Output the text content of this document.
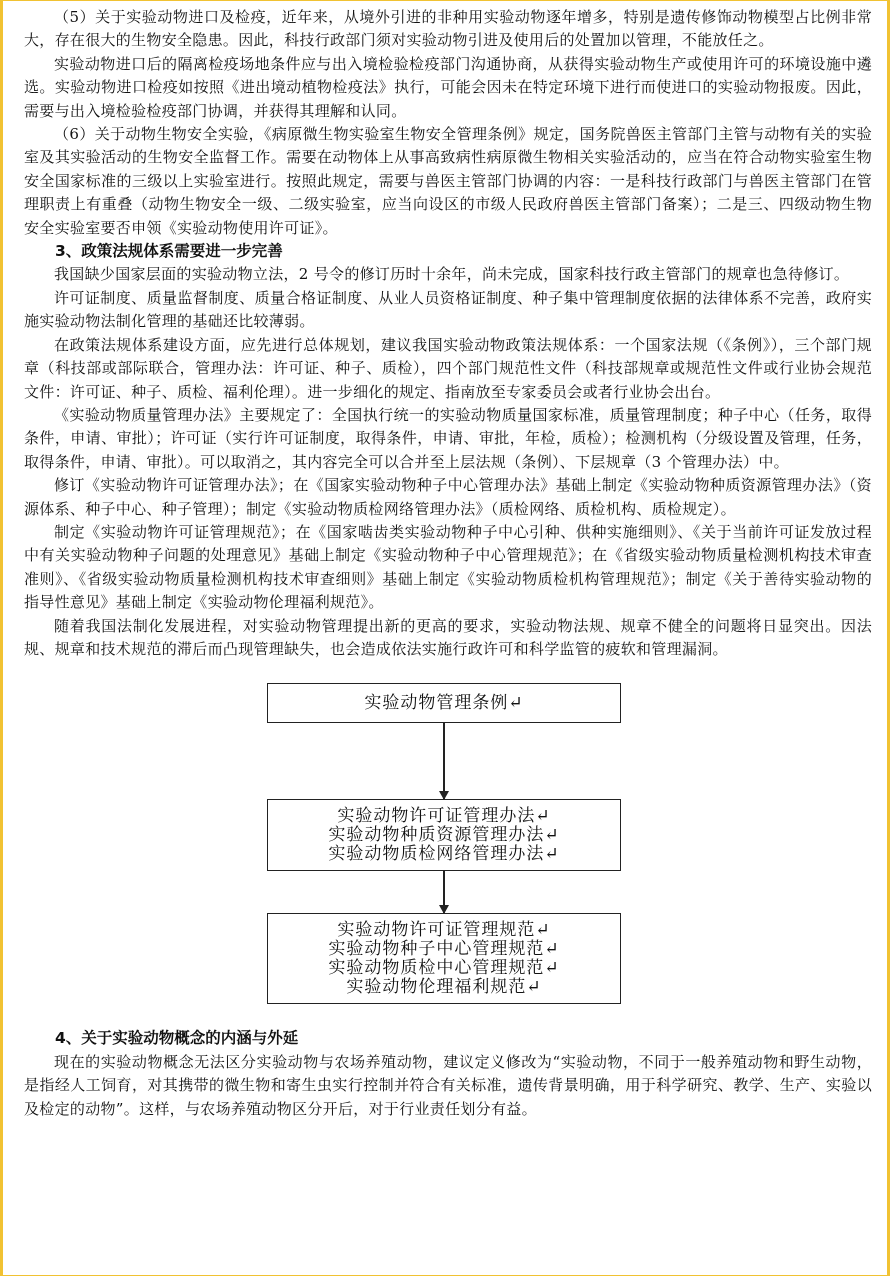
（5）关于实验动物进口及检疫，近年来，从境外引进的非种用实验动物逐年增多，特别是遗传修饰动物模型占比例非常大，存在很大的生物安全隐患。因此，科技行政部门须对实验动物引进及使用后的处置加以管理，不能放任之。

实验动物进口后的隔离检疫场地条件应与出入境检验检疫部门沟通协商，从获得实验动物生产或使用许可的环境设施中遴选。实验动物进口检疫如按照《进出境动植物检疫法》执行，可能会因未在特定环境下进行而使进口的实验动物报废。因此，需要与出入境检验检疫部门协调，并获得其理解和认同。

（6）关于动物生物安全实验，《病原微生物实验室生物安全管理条例》规定，国务院兽医主管部门主管与动物有关的实验室及其实验活动的生物安全监督工作。需要在动物体上从事高致病性病原微生物相关实验活动的，应当在符合动物实验室生物安全国家标准的三级以上实验室进行。按照此规定，需要与兽医主管部门协调的内容：一是科技行政部门与兽医主管部门在管理职责上有重叠（动物生物安全一级、二级实验室，应当向设区的市级人民政府兽医主管部门备案）；二是三、四级动物生物安全实验室要否申领《实验动物使用许可证》。

3、政策法规体系需要进一步完善

我国缺少国家层面的实验动物立法，2 号令的修订历时十余年，尚未完成，国家科技行政主管部门的规章也急待修订。

许可证制度、质量监督制度、质量合格证制度、从业人员资格证制度、种子集中管理制度依据的法律体系不完善，政府实施实验动物法制化管理的基础还比较薄弱。

在政策法规体系建设方面，应先进行总体规划，建议我国实验动物政策法规体系：一个国家法规（《条例》），三个部门规章（科技部或部际联合，管理办法：许可证、种子、质检），四个部门规范性文件（科技部规章或规范性文件或行业协会规范文件：许可证、种子、质检、福利伦理）。进一步细化的规定、指南放至专家委员会或者行业协会出台。

《实验动物质量管理办法》主要规定了：全国执行统一的实验动物质量国家标准，质量管理制度；种子中心（任务，取得条件，申请、审批）；许可证（实行许可证制度，取得条件，申请、审批，年检，质检）；检测机构（分级设置及管理，任务，取得条件，申请、审批）。可以取消之，其内容完全可以合并至上层法规（条例）、下层规章（3 个管理办法）中。

修订《实验动物许可证管理办法》；在《国家实验动物种子中心管理办法》基础上制定《实验动物种质资源管理办法》（资源体系、种子中心、种子管理）；制定《实验动物质检网络管理办法》（质检网络、质检机构、质检规定）。

制定《实验动物许可证管理规范》；在《国家啮齿类实验动物种子中心引种、供种实施细则》、《关于当前许可证发放过程中有关实验动物种子问题的处理意见》基础上制定《实验动物种子中心管理规范》；在《省级实验动物质量检测机构技术审查准则》、《省级实验动物质量检测机构技术审查细则》基础上制定《实验动物质检机构管理规范》；制定《关于善待实验动物的指导性意见》基础上制定《实验动物伦理福利规范》。

随着我国法制化发展进程，对实验动物管理提出新的更高的要求，实验动物法规、规章不健全的问题将日显突出。因法规、规章和技术规范的滞后而凸现管理缺失，也会造成依法实施行政许可和科学监管的疲软和管理漏洞。

实验动物管理条例↵
实验动物许可证管理办法↵
实验动物种质资源管理办法↵
实验动物质检网络管理办法↵
实验动物许可证管理规范↵
实验动物种子中心管理规范↵
实验动物质检中心管理规范↵
实验动物伦理福利规范↵
4、关于实验动物概念的内涵与外延

现在的实验动物概念无法区分实验动物与农场养殖动物，建议定义修改为“实验动物，不同于一般养殖动物和野生动物，是指经人工饲育，对其携带的微生物和寄生虫实行控制并符合有关标准，遗传背景明确，用于科学研究、教学、生产、实验以及检定的动物”。这样，与农场养殖动物区分开后，对于行业责任划分有益。
